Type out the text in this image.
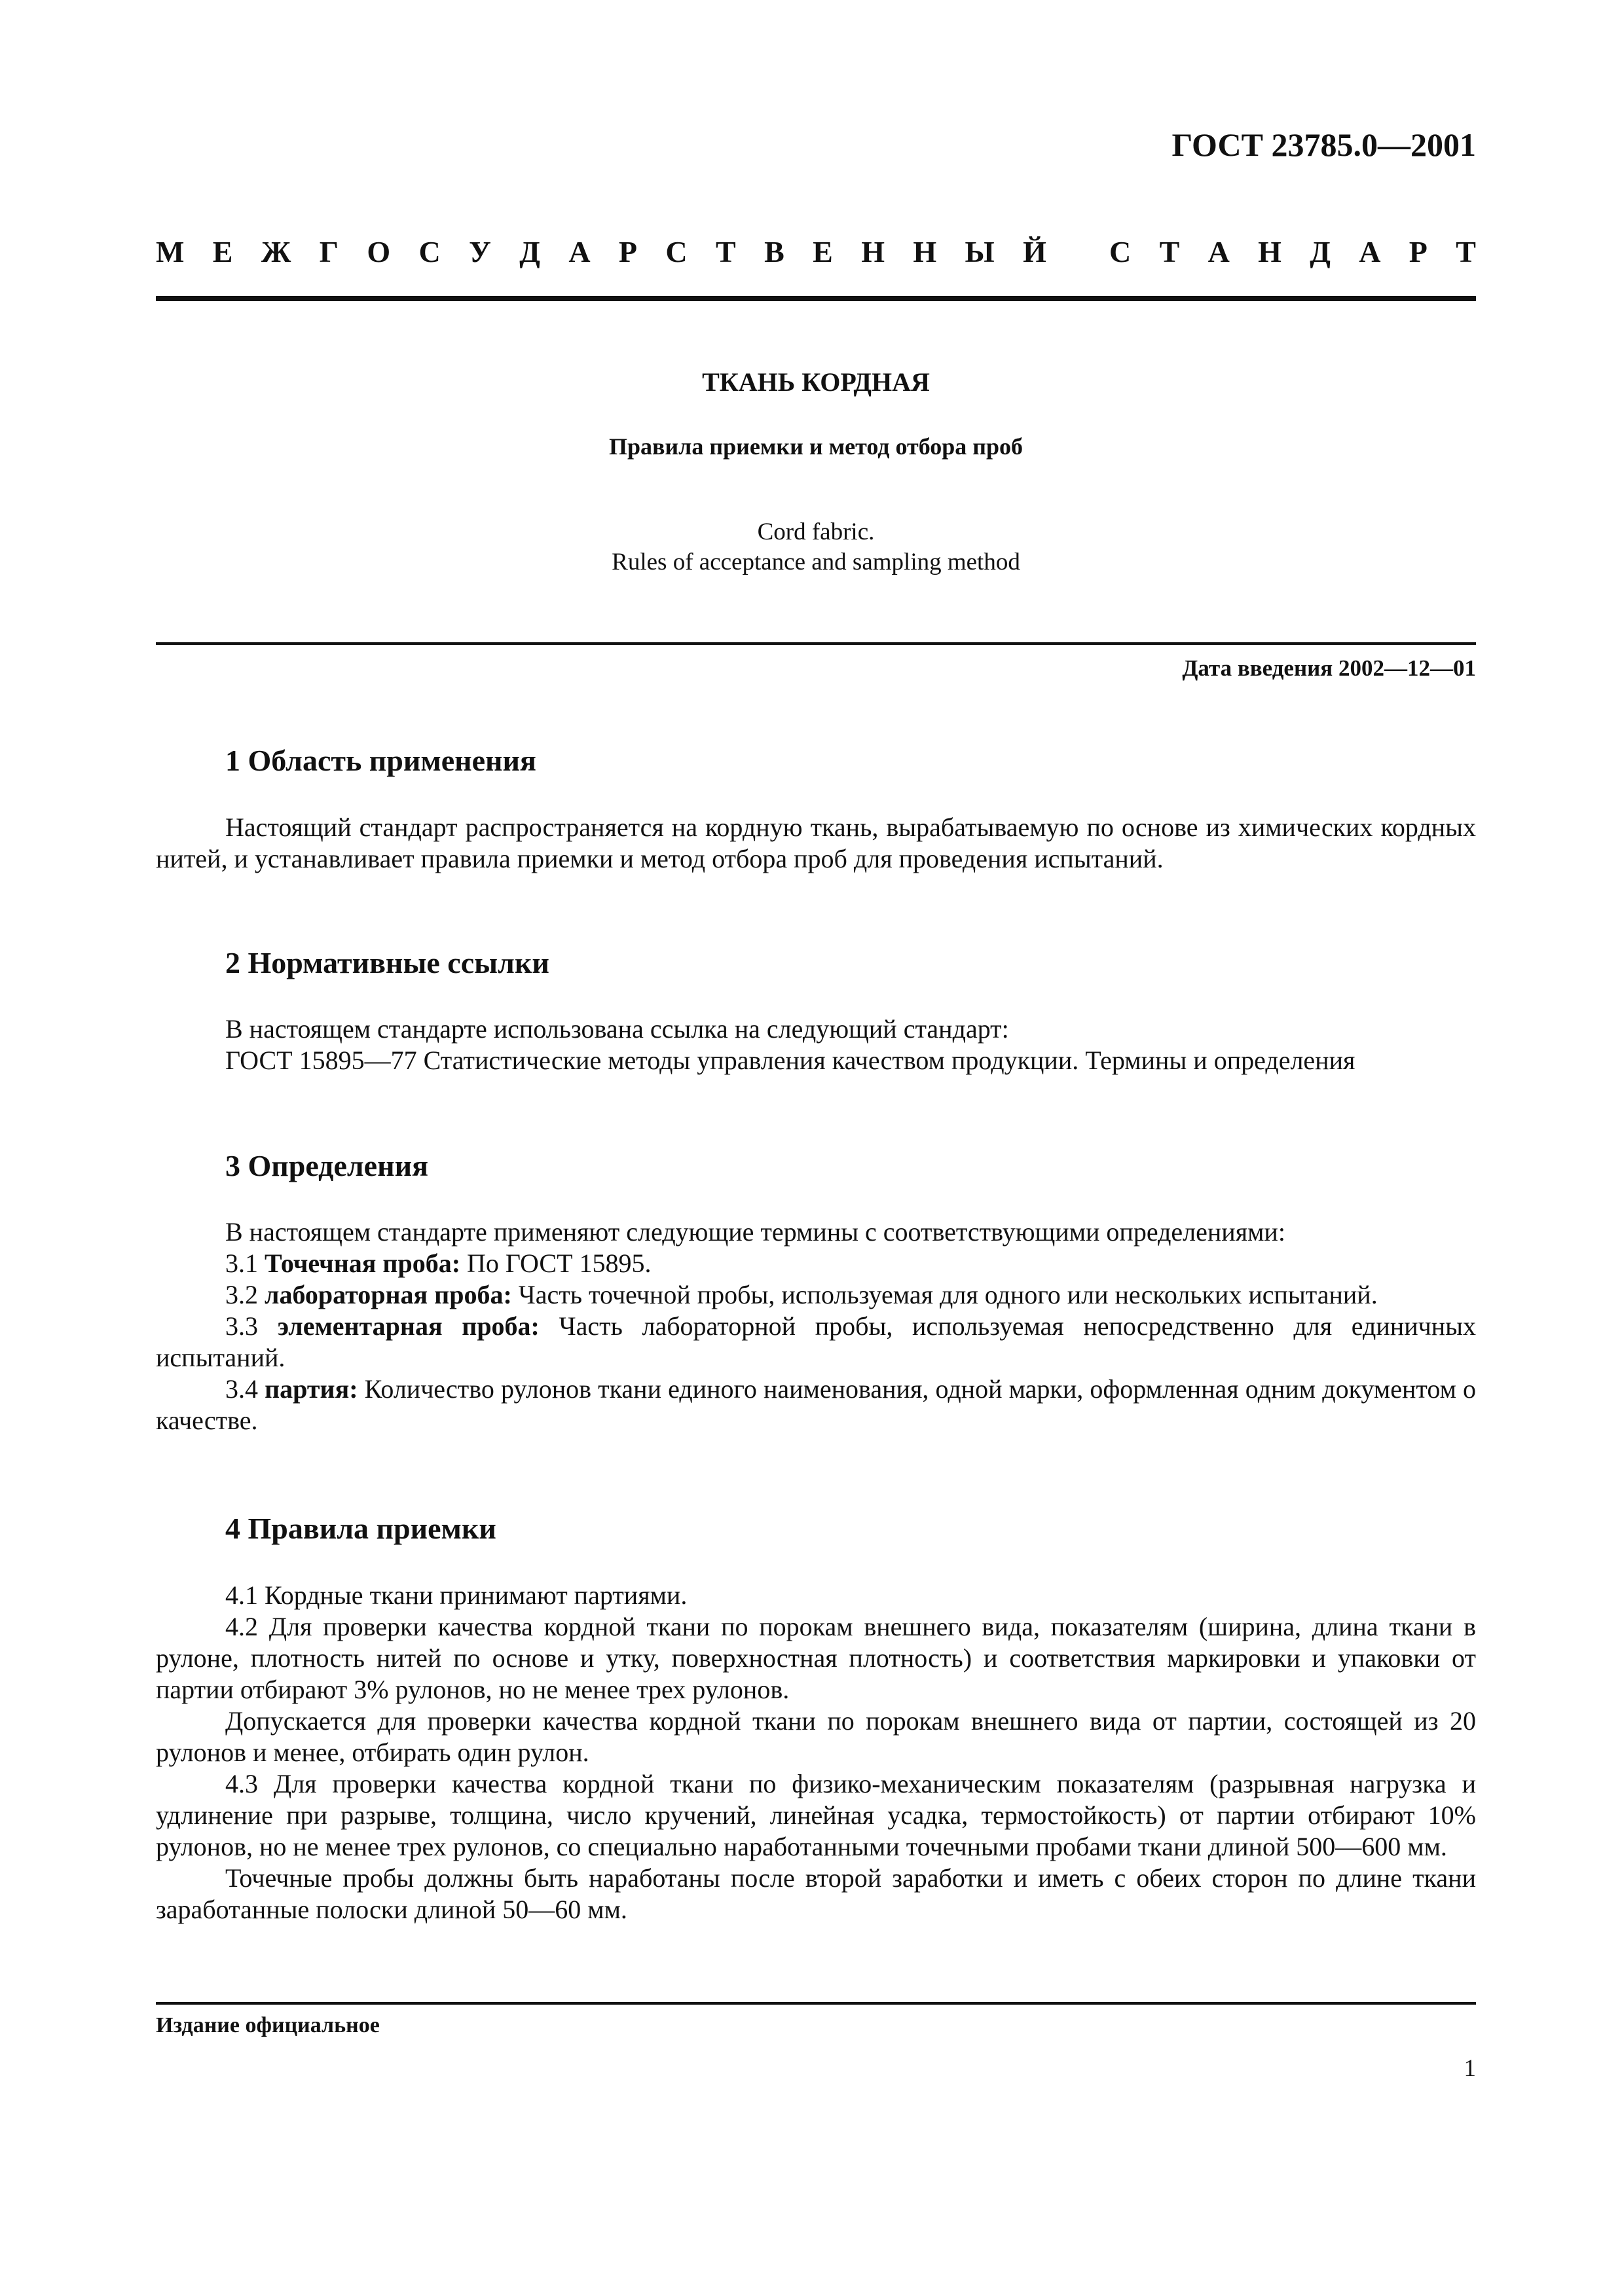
ГОСТ 23785.0—2001
М Е Ж Г О С У Д А Р С Т В Е Н Н Ы Й С Т А Н Д А Р Т
ТКАНЬ КОРДНАЯ
Правила приемки и метод отбора проб
Cord fabric.
Rules of acceptance and sampling method
Дата введения 2002—12—01
1 Область применения

Настоящий стандарт распространяется на кордную ткань, вырабатываемую по основе из химических кордных нитей, и устанавливает правила приемки и метод отбора проб для проведения испытаний.

2 Нормативные ссылки

В настоящем стандарте использована ссылка на следующий стандарт:

ГОСТ 15895—77 Статистические методы управления качеством продукции. Термины и определения

3 Определения

В настоящем стандарте применяют следующие термины с соответствующими определениями:

3.1 Точечная проба: По ГОСТ 15895.

3.2 лабораторная проба: Часть точечной пробы, используемая для одного или нескольких испытаний.

3.3 элементарная проба: Часть лабораторной пробы, используемая непосредственно для единичных испытаний.

3.4 партия: Количество рулонов ткани единого наименования, одной марки, оформленная одним документом о качестве.

4 Правила приемки

4.1 Кордные ткани принимают партиями.

4.2 Для проверки качества кордной ткани по порокам внешнего вида, показателям (ширина, длина ткани в рулоне, плотность нитей по основе и утку, поверхностная плотность) и соответствия маркировки и упаковки от партии отбирают 3% рулонов, но не менее трех рулонов.

Допускается для проверки качества кордной ткани по порокам внешнего вида от партии, состоящей из 20 рулонов и менее, отбирать один рулон.

4.3 Для проверки качества кордной ткани по физико-механическим показателям (разрывная нагрузка и удлинение при разрыве, толщина, число кручений, линейная усадка, термостойкость) от партии отбирают 10% рулонов, но не менее трех рулонов, со специально наработанными точечными пробами ткани длиной 500—600 мм.

Точечные пробы должны быть наработаны после второй заработки и иметь с обеих сторон по длине ткани заработанные полоски длиной 50—60 мм.

Издание официальное
1
